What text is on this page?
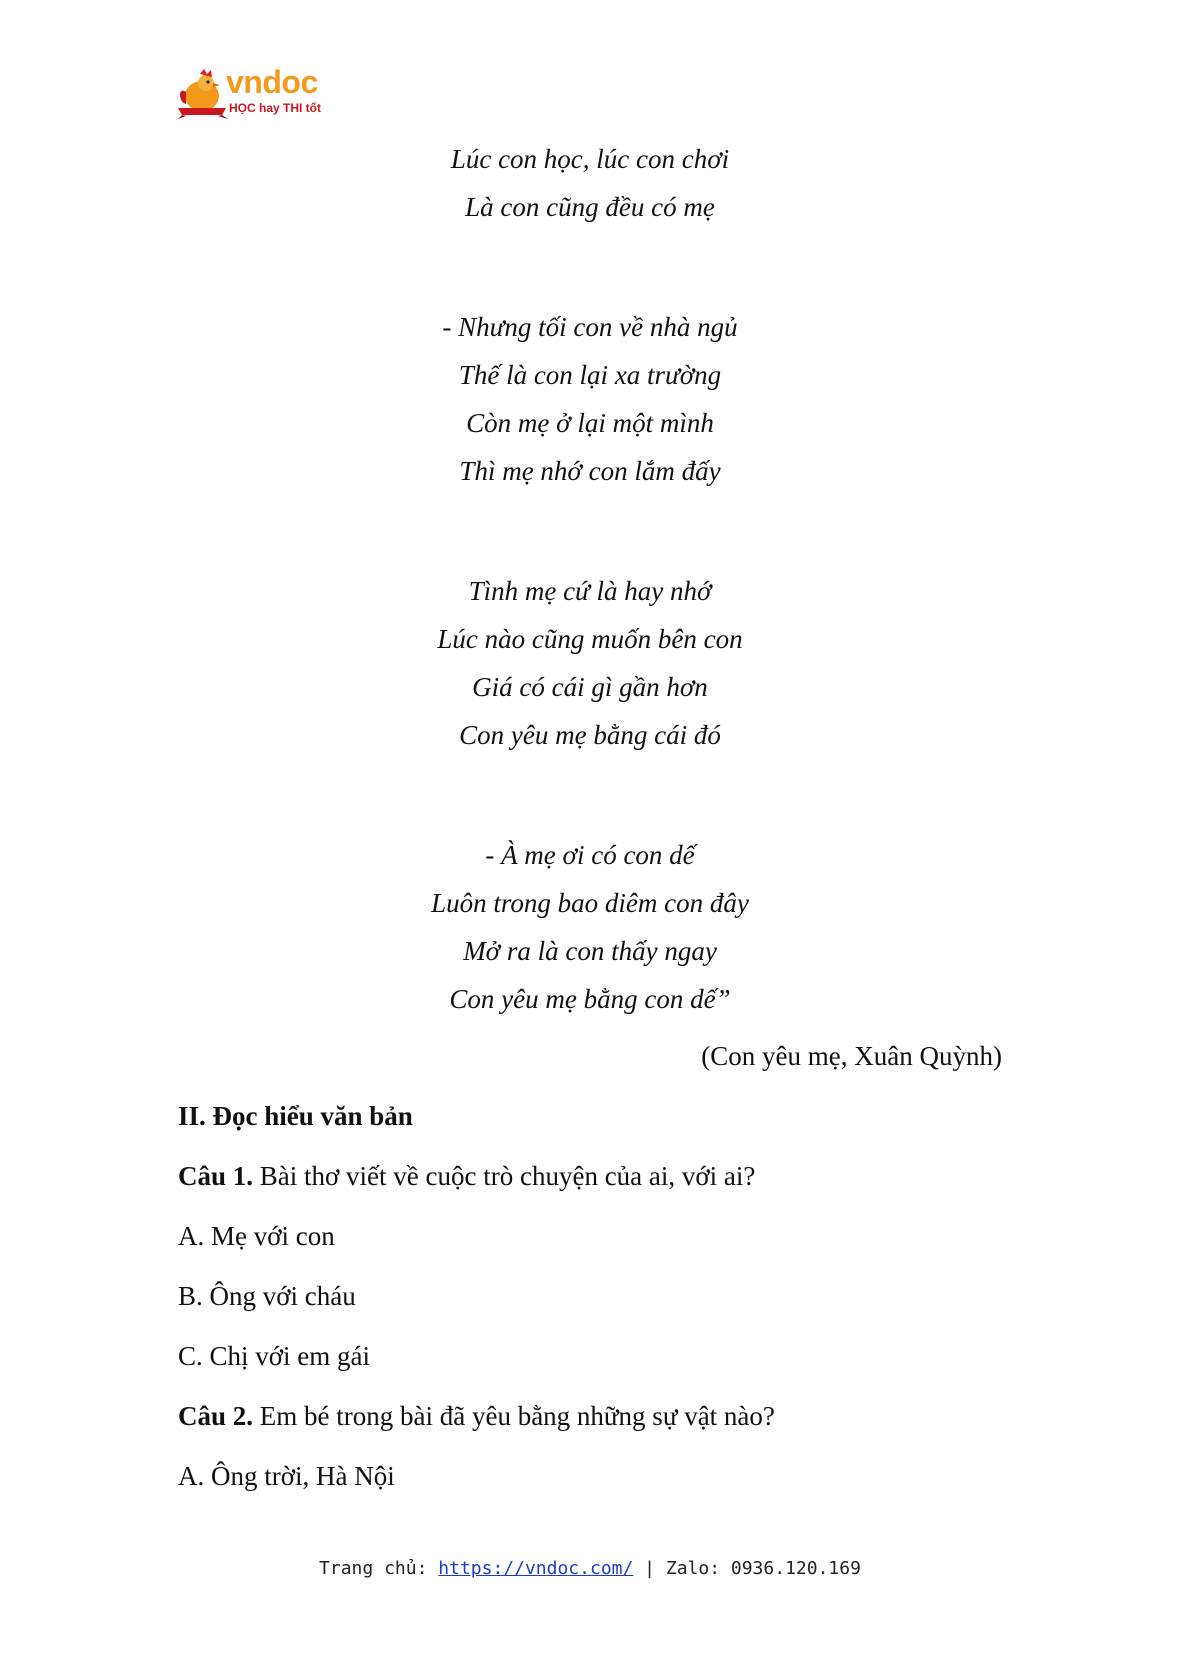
vndoc
HỌC hay THI tốt
Lúc con học, lúc con chơi
Là con cũng đều có mẹ
- Nhưng tối con về nhà ngủ
Thế là con lại xa trường
Còn mẹ ở lại một mình
Thì mẹ nhớ con lắm đấy
Tình mẹ cứ là hay nhớ
Lúc nào cũng muốn bên con
Giá có cái gì gần hơn
Con yêu mẹ bằng cái đó
- À mẹ ơi có con dế
Luôn trong bao diêm con đây
Mở ra là con thấy ngay
Con yêu mẹ bằng con dế”
(Con yêu mẹ, Xuân Quỳnh)
II. Đọc hiểu văn bản
Câu 1. Bài thơ viết về cuộc trò chuyện của ai, với ai?
A. Mẹ với con
B. Ông với cháu
C. Chị với em gái
Câu 2. Em bé trong bài đã yêu bằng những sự vật nào?
A. Ông trời, Hà Nội
Trang chủ: https://vndoc.com/ | Zalo: 0936.120.169
